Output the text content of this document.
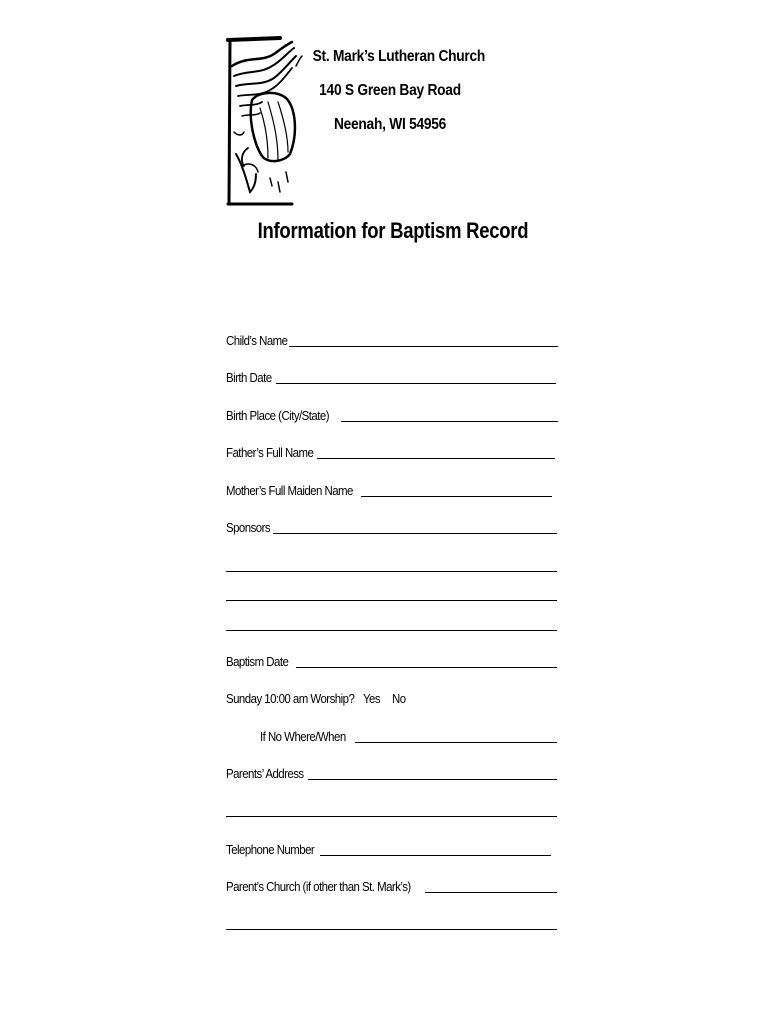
St. Mark’s Lutheran Church
140 S Green Bay Road
Neenah, WI 54956
Information for Baptism Record
Child’s Name
Birth Date
Birth Place (City/State)
Father’s Full Name
Mother’s Full Maiden Name
Sponsors
Baptism Date
Sunday 10:00 am Worship? Yes No
If No Where/When
Parents’ Address
Telephone Number
Parent’s Church (if other than St. Mark’s)
